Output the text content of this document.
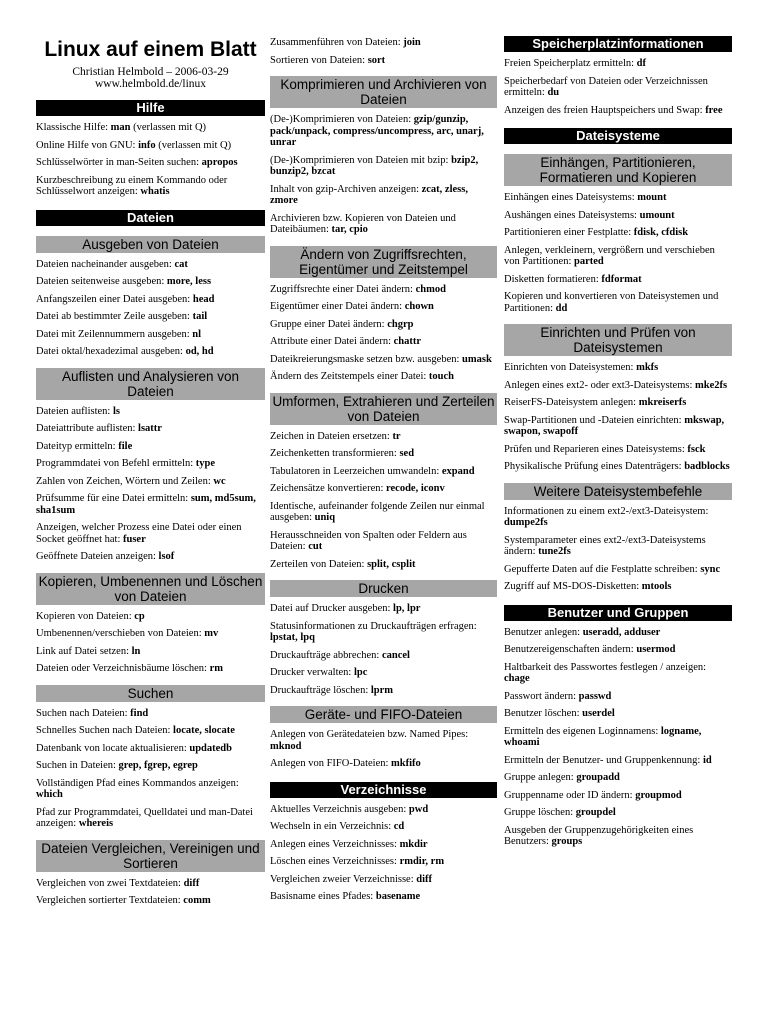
Linux auf einem Blatt
Christian Helmbold – 2006-03-29
www.helmbold.de/linux
Hilfe
Klassische Hilfe: man (verlassen mit Q)
Online Hilfe von GNU: info (verlassen mit Q)
Schlüsselwörter in man-Seiten suchen: apropos
Kurzbeschreibung zu einem Kommando oder Schlüsselwort anzeigen: whatis
Dateien
Ausgeben von Dateien
Dateien nacheinander ausgeben: cat
Dateien seitenweise ausgeben: more, less
Anfangszeilen einer Datei ausgeben: head
Datei ab bestimmter Zeile ausgeben: tail
Datei mit Zeilennummern ausgeben: nl
Datei oktal/hexadezimal ausgeben: od, hd
Auflisten und Analysieren von Dateien
Dateien auflisten: ls
Dateiattribute auflisten: lsattr
Dateityp ermitteln: file
Programmdatei von Befehl ermitteln: type
Zahlen von Zeichen, Wörtern und Zeilen: wc
Prüfsumme für eine Datei ermitteln: sum, md5sum, sha1sum
Anzeigen, welcher Prozess eine Datei oder einen Socket geöffnet hat: fuser
Geöffnete Dateien anzeigen: lsof
Kopieren, Umbenennen und Löschen von Dateien
Kopieren von Dateien: cp
Umbenennen/verschieben von Dateien: mv
Link auf Datei setzen: ln
Dateien oder Verzeichnisbäume löschen: rm
Suchen
Suchen nach Dateien: find
Schnelles Suchen nach Dateien: locate, slocate
Datenbank von locate aktualisieren: updatedb
Suchen in Dateien: grep, fgrep, egrep
Vollständigen Pfad eines Kommandos anzeigen: which
Pfad zur Programmdatei, Quelldatei und man-Datei anzeigen: whereis
Dateien Vergleichen, Vereinigen und Sortieren
Vergleichen von zwei Textdateien: diff
Vergleichen sortierter Textdateien: comm
Zusammenführen von Dateien: join
Sortieren von Dateien: sort
Komprimieren und Archivieren von Dateien
(De-)Komprimieren von Dateien: gzip/gunzip, pack/unpack, compress/uncompress, arc, unarj, unrar
(De-)Komprimieren von Dateien mit bzip: bzip2, bunzip2, bzcat
Inhalt von gzip-Archiven anzeigen: zcat, zless, zmore
Archivieren bzw. Kopieren von Dateien und Dateibäumen: tar, cpio
Ändern von Zugriffsrechten, Eigentümer und Zeitstempel
Zugriffsrechte einer Datei ändern: chmod
Eigentümer einer Datei ändern: chown
Gruppe einer Datei ändern: chgrp
Attribute einer Datei ändern: chattr
Dateikreierungsmaske setzen bzw. ausgeben: umask
Ändern des Zeitstempels einer Datei: touch
Umformen, Extrahieren und Zerteilen von Dateien
Zeichen in Dateien ersetzen: tr
Zeichenketten transformieren: sed
Tabulatoren in Leerzeichen umwandeln: expand
Zeichensätze konvertieren: recode, iconv
Identische, aufeinander folgende Zeilen nur einmal ausgeben: uniq
Herausschneiden von Spalten oder Feldern aus Dateien: cut
Zerteilen von Dateien: split, csplit
Drucken
Datei auf Drucker ausgeben: lp, lpr
Statusinformationen zu Druckaufträgen erfragen: lpstat, lpq
Druckaufträge abbrechen: cancel
Drucker verwalten: lpc
Druckaufträge löschen: lprm
Geräte- und FIFO-Dateien
Anlegen von Gerätedateien bzw. Named Pipes: mknod
Anlegen von FIFO-Dateien: mkfifo
Verzeichnisse
Aktuelles Verzeichnis ausgeben: pwd
Wechseln in ein Verzeichnis: cd
Anlegen eines Verzeichnisses: mkdir
Löschen eines Verzeichnisses: rmdir, rm
Vergleichen zweier Verzeichnisse: diff
Basisname eines Pfades: basename
Speicherplatzinformationen
Freien Speicherplatz ermitteln: df
Speicherbedarf von Dateien oder Verzeichnissen ermitteln: du
Anzeigen des freien Hauptspeichers und Swap: free
Dateisysteme
Einhängen, Partitionieren, Formatieren und Kopieren
Einhängen eines Dateisystems: mount
Aushängen eines Dateisystems: umount
Partitionieren einer Festplatte: fdisk, cfdisk
Anlegen, verkleinern, vergrößern und verschieben von Partitionen: parted
Disketten formatieren: fdformat
Kopieren und konvertieren von Dateisystemen und Partitionen: dd
Einrichten und Prüfen von Dateisystemen
Einrichten von Dateisystemen: mkfs
Anlegen eines ext2- oder ext3-Dateisystems: mke2fs
ReiserFS-Dateisystem anlegen: mkreiserfs
Swap-Partitionen und -Dateien einrichten: mkswap, swapon, swapoff
Prüfen und Reparieren eines Dateisystems: fsck
Physikalische Prüfung eines Datenträgers: badblocks
Weitere Dateisystembefehle
Informationen zu einem ext2-/ext3-Dateisystem: dumpe2fs
Systemparameter eines ext2-/ext3-Dateisystems ändern: tune2fs
Gepufferte Daten auf die Festplatte schreiben: sync
Zugriff auf MS-DOS-Disketten: mtools
Benutzer und Gruppen
Benutzer anlegen: useradd, adduser
Benutzereigenschaften ändern: usermod
Haltbarkeit des Passwortes festlegen / anzeigen: chage
Passwort ändern: passwd
Benutzer löschen: userdel
Ermitteln des eigenen Loginnamens: logname, whoami
Ermitteln der Benutzer- und Gruppenkennung: id
Gruppe anlegen: groupadd
Gruppenname oder ID ändern: groupmod
Gruppe löschen: groupdel
Ausgeben der Gruppenzugehörigkeiten eines Benutzers: groups
